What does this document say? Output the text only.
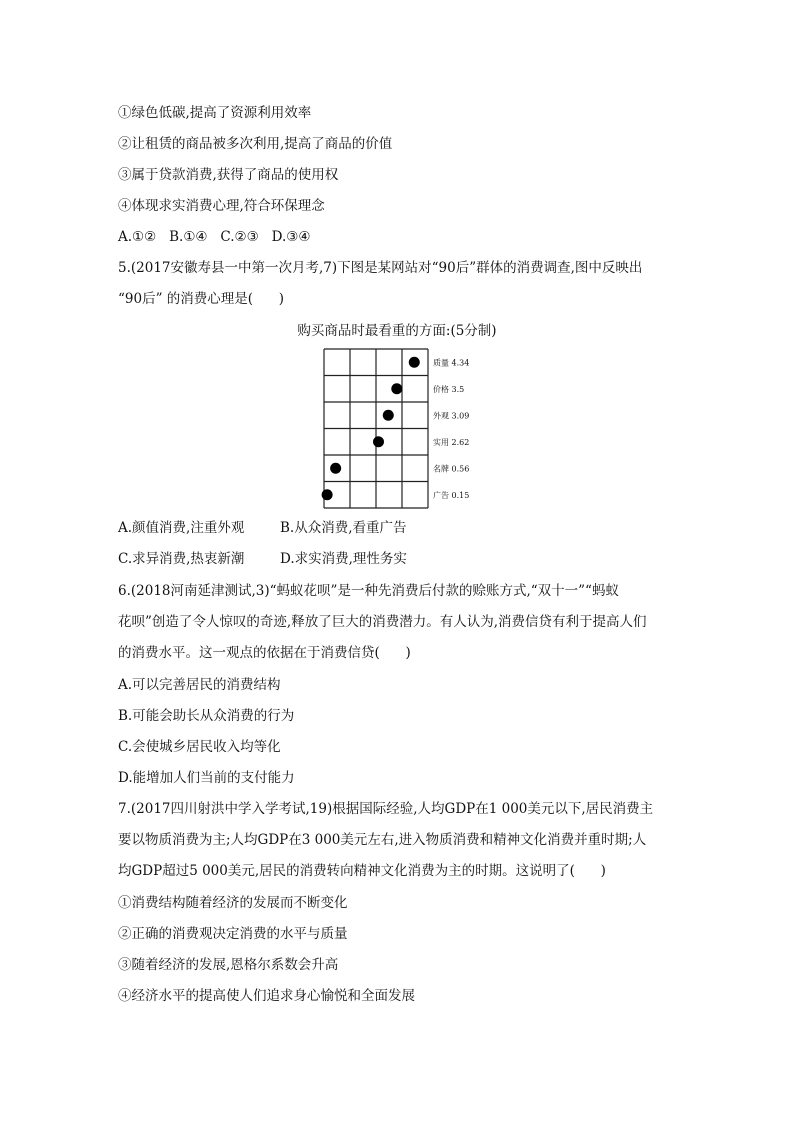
①绿色低碳,提高了资源利用效率
②让租赁的商品被多次利用,提高了商品的价值
③属于贷款消费,获得了商品的使用权
④体现求实消费心理,符合环保理念
A.①②   B.①④   C.②③   D.③④
5.(2017安徽寿县一中第一次月考,7)下图是某网站对“90后”群体的消费调查,图中反映出
“90后” 的消费心理是(      )
购买商品时最看重的方面:(5分制)
质量 4.34
价格 3.5
外观 3.09
实用 2.62
名牌 0.56
广告 0.15
A.颜值消费,注重外观	B.从众消费,看重广告
C.求异消费,热衷新潮	D.求实消费,理性务实
6.(2018河南延津测试,3)“蚂蚁花呗”是一种先消费后付款的赊账方式,“双十一”“蚂蚁
花呗”创造了令人惊叹的奇迹,释放了巨大的消费潜力。有人认为,消费信贷有利于提高人们
的消费水平。这一观点的依据在于消费信贷(      )
A.可以完善居民的消费结构
B.可能会助长从众消费的行为
C.会使城乡居民收入均等化
D.能增加人们当前的支付能力
7.(2017四川射洪中学入学考试,19)根据国际经验,人均GDP在1 000美元以下,居民消费主
要以物质消费为主;人均GDP在3 000美元左右,进入物质消费和精神文化消费并重时期;人
均GDP超过5 000美元,居民的消费转向精神文化消费为主的时期。这说明了(      )
①消费结构随着经济的发展而不断变化
②正确的消费观决定消费的水平与质量
③随着经济的发展,恩格尔系数会升高
④经济水平的提高使人们追求身心愉悦和全面发展
